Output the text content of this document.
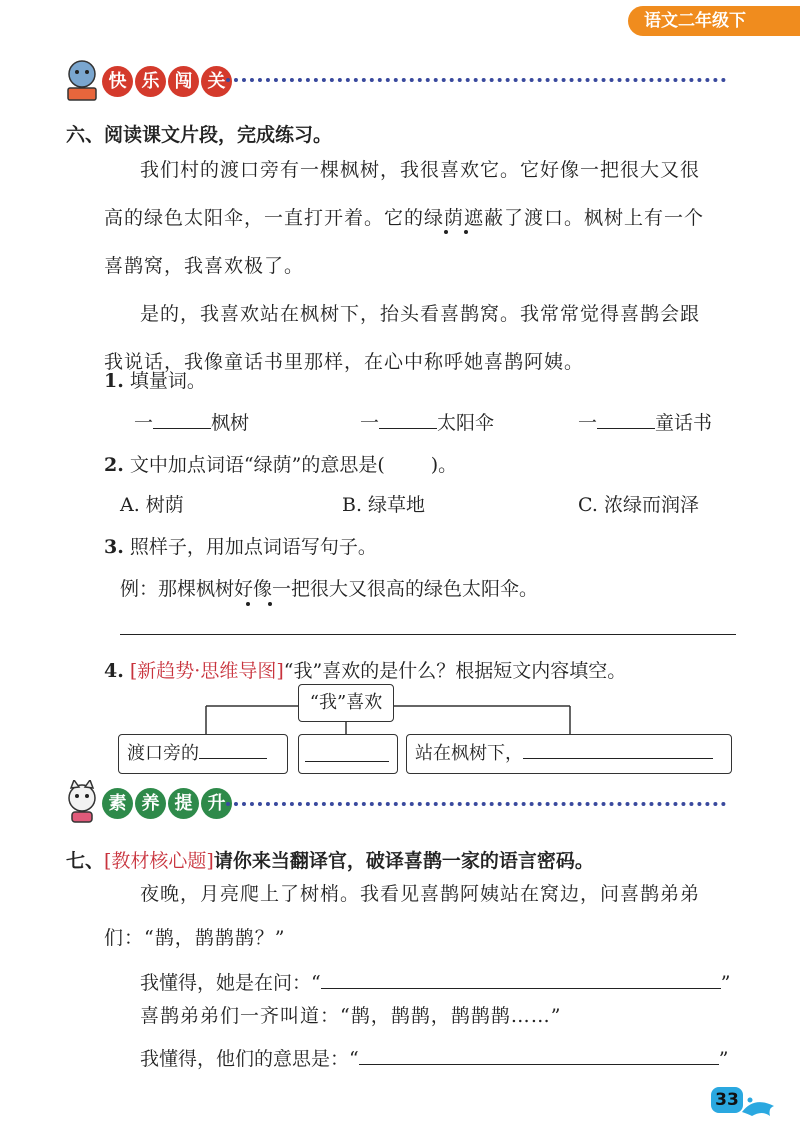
语文二年级下
快 乐 闯 关
六、阅读课文片段，完成练习。
我们村的渡口旁有一棵枫树，我很喜欢它。它好像一把很大又很
高的绿色太阳伞，一直打开着。它的绿荫遮蔽了渡口。枫树上有一个
喜鹊窝，我喜欢极了。
是的，我喜欢站在枫树下，抬头看喜鹊窝。我常常觉得喜鹊会跟
我说话，我像童话书里那样，在心中称呼她喜鹊阿姨。
1. 填量词。
一	枫树	一	太阳伞	一	童话书
2. 文中加点词语“绿荫”的意思是( )。
A. 树荫	B. 绿草地	C. 浓绿而润泽
3. 照样子，用加点词语写句子。
例：那棵枫树好像一把很大又很高的绿色太阳伞。
4. [新趋势·思维导图]“我”喜欢的是什么？根据短文内容填空。
“我”喜欢
渡口旁的	站在枫树下，
素 养 提 升
七、[教材核心题]请你来当翻译官，破译喜鹊一家的语言密码。
夜晚，月亮爬上了树梢。我看见喜鹊阿姨站在窝边，问喜鹊弟弟
们：“鹊，鹊鹊鹊？”
我懂得，她是在问：“	”
喜鹊弟弟们一齐叫道：“鹊，鹊鹊，鹊鹊鹊……”
我懂得，他们的意思是：“	”
33
